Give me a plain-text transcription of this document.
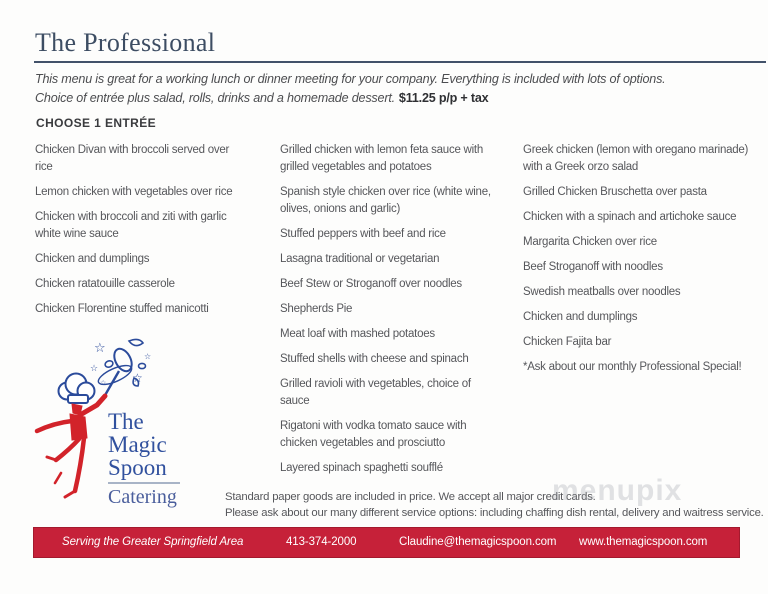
The Professional

This menu is great for a working lunch or dinner meeting for your company. Everything is included with lots of options.
Choice of entrée plus salad, rolls, drinks and a homemade dessert. $11.25 p/p + tax

CHOOSE 1 ENTRÉE

Chicken Divan with broccoli served over rice

Lemon chicken with vegetables over rice

Chicken with broccoli and ziti with garlic white wine sauce

Chicken and dumplings

Chicken ratatouille casserole

Chicken Florentine stuffed manicotti

Grilled chicken with lemon feta sauce with grilled vegetables and potatoes

Spanish style chicken over rice (white wine, olives, onions and garlic)

Stuffed peppers with beef and rice

Lasagna traditional or vegetarian

Beef Stew or Stroganoff over noodles

Shepherds Pie

Meat loaf with mashed potatoes

Stuffed shells with cheese and spinach

Grilled ravioli with vegetables, choice of sauce

Rigatoni with vodka tomato sauce with chicken vegetables and prosciutto

Layered spinach spaghetti soufflé

Greek chicken (lemon with oregano marinade) with a Greek orzo salad

Grilled Chicken Bruschetta over pasta

Chicken with a spinach and artichoke sauce

Margarita Chicken over rice

Beef Stroganoff with noodles

Swedish meatballs over noodles

Chicken and dumplings

Chicken Fajita bar

*Ask about our monthly Professional Special!

☆
☆
☆
☆
☆
The
Magic
Spoon
Catering	Standard paper goods are included in price. We accept all major credit cards.

Please ask about our many different service options: including chaffing dish rental, delivery and waitress service.

menupix
Serving the Greater Springfield Area	413-374-2000	Claudine@themagicspoon.com www.themagicspoon.com
